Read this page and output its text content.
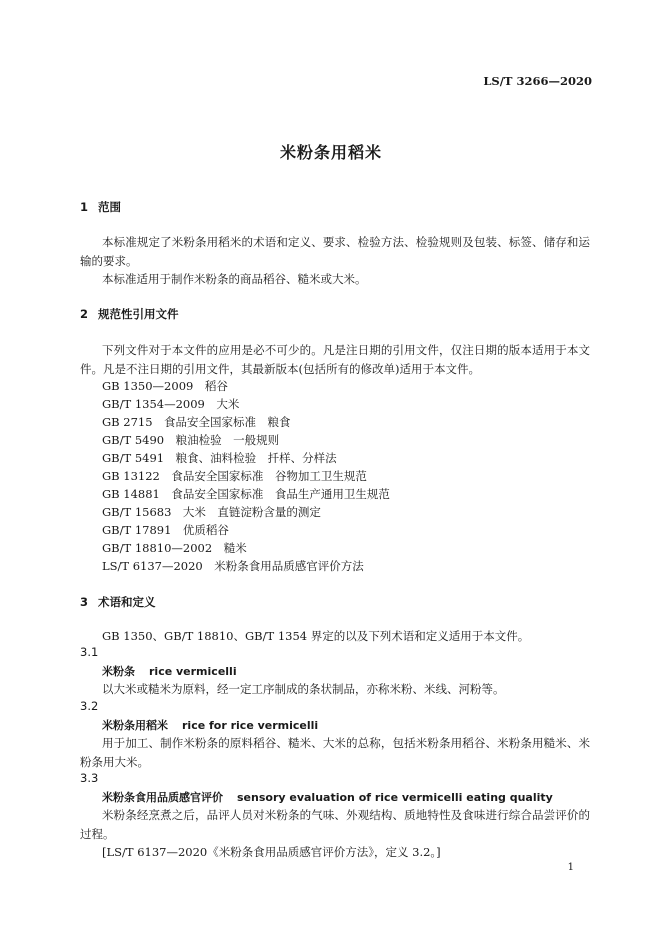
LS/T 3266—2020
米粉条用稻米
1 范围
本标准规定了米粉条用稻米的术语和定义、要求、检验方法、检验规则及包装、标签、储存和运输的要求。
本标准适用于制作米粉条的商品稻谷、糙米或大米。
2 规范性引用文件
下列文件对于本文件的应用是必不可少的。凡是注日期的引用文件，仅注日期的版本适用于本文件。凡是不注日期的引用文件，其最新版本(包括所有的修改单)适用于本文件。
GB 1350—2009　稻谷
GB/T 1354—2009　大米
GB 2715　食品安全国家标准　粮食
GB/T 5490　粮油检验　一般规则
GB/T 5491　粮食、油料检验　扦样、分样法
GB 13122　食品安全国家标准　谷物加工卫生规范
GB 14881　食品安全国家标准　食品生产通用卫生规范
GB/T 15683　大米　直链淀粉含量的测定
GB/T 17891　优质稻谷
GB/T 18810—2002　糙米
LS/T 6137—2020　米粉条食用品质感官评价方法
3 术语和定义
GB 1350、GB/T 18810、GB/T 1354 界定的以及下列术语和定义适用于本文件。
3.1
米粉条 rice vermicelli
以大米或糙米为原料，经一定工序制成的条状制品，亦称米粉、米线、河粉等。
3.2
米粉条用稻米 rice for rice vermicelli
用于加工、制作米粉条的原料稻谷、糙米、大米的总称，包括米粉条用稻谷、米粉条用糙米、米粉条用大米。
3.3
米粉条食用品质感官评价 sensory evaluation of rice vermicelli eating quality
米粉条经烹煮之后，品评人员对米粉条的气味、外观结构、质地特性及食味进行综合品尝评价的过程。
[LS/T 6137—2020《米粉条食用品质感官评价方法》，定义 3.2。]
1
